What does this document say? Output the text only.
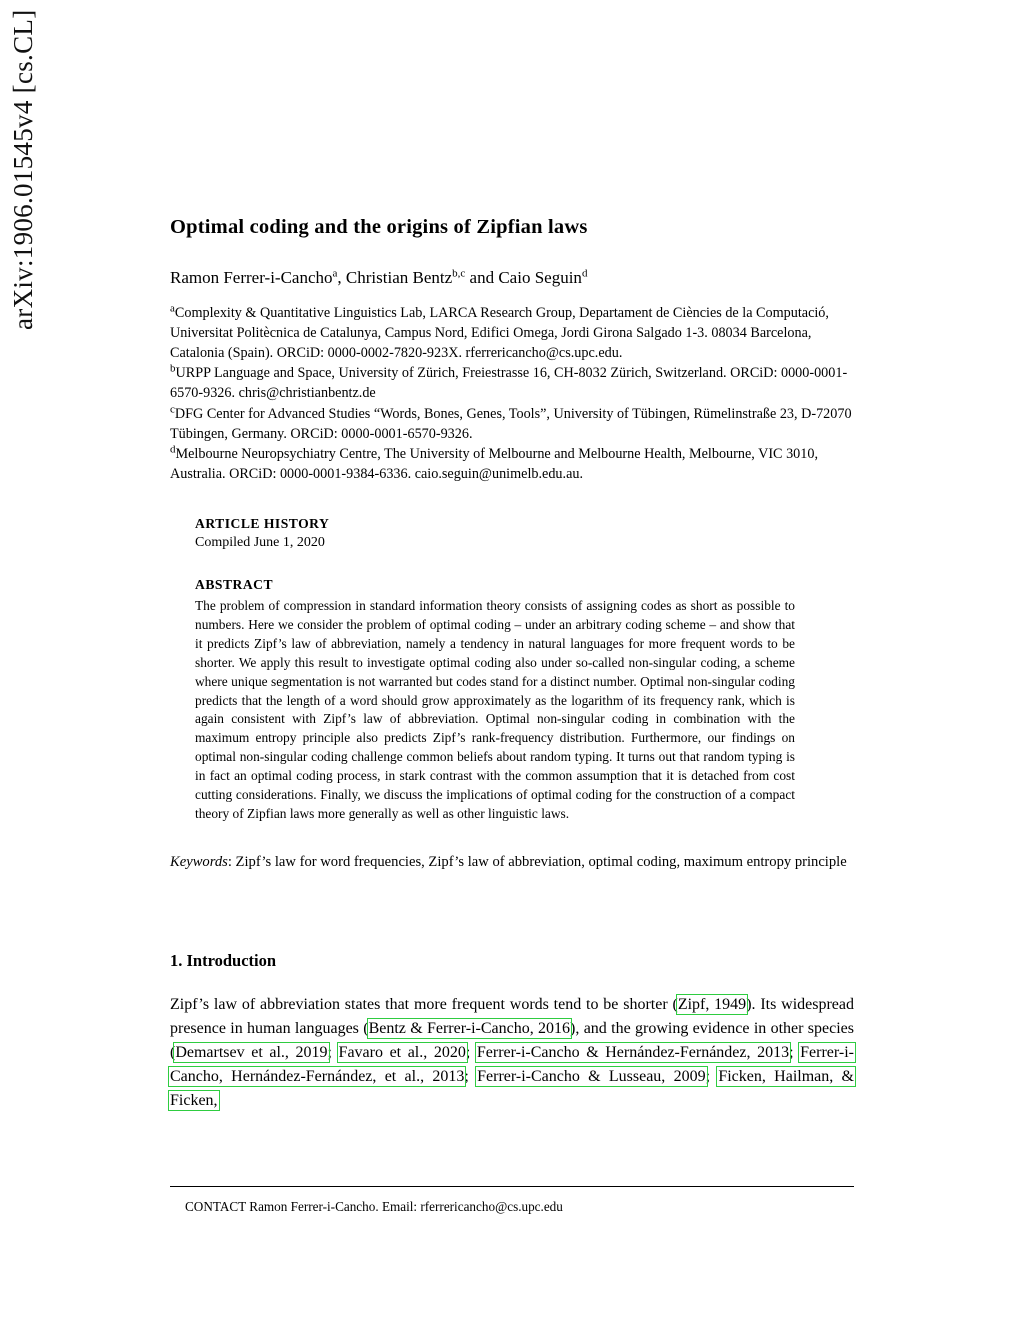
arXiv:1906.01545v4 [cs.CL]	Optimal coding and the origins of Zipfian laws

Ramon Ferrer-i-Cancho$^a$, Christian Bentz$^{b,c}$ and Caio Seguin$^d$

$^a$Complexity & Quantitative Linguistics Lab, LARCA Research Group, Departament de Ciències de la Computació, Universitat Politècnica de Catalunya, Campus Nord, Edifici Omega, Jordi Girona Salgado 1-3. 08034 Barcelona, Catalonia (Spain). ORCiD: 0000-0002-7820-923X. rferrericancho@cs.upc.edu.

$^b$URPP Language and Space, University of Zürich, Freiestrasse 16, CH-8032 Zürich, Switzerland. ORCiD: 0000-0001-6570-9326. chris@christianbentz.de

$^c$DFG Center for Advanced Studies “Words, Bones, Genes, Tools”, University of Tübingen, Rümelinstraße 23, D-72070 Tübingen, Germany. ORCiD: 0000-0001-6570-9326.

$^d$Melbourne Neuropsychiatry Centre, The University of Melbourne and Melbourne Health, Melbourne, VIC 3010, Australia. ORCiD: 0000-0001-9384-6336. caio.seguin@unimelb.edu.au.

ARTICLE HISTORY

Compiled June 1, 2020

ABSTRACT

The problem of compression in standard information theory consists of assigning codes as short as possible to numbers. Here we consider the problem of optimal coding – under an arbitrary coding scheme – and show that it predicts Zipf’s law of abbreviation, namely a tendency in natural languages for more frequent words to be shorter. We apply this result to investigate optimal coding also under so-called non-singular coding, a scheme where unique segmentation is not warranted but codes stand for a distinct number. Optimal non-singular coding predicts that the length of a word should grow approximately as the logarithm of its frequency rank, which is again consistent with Zipf’s law of abbreviation. Optimal non-singular coding in combination with the maximum entropy principle also predicts Zipf’s rank-frequency distribution. Furthermore, our findings on optimal non-singular coding challenge common beliefs about random typing. It turns out that random typing is in fact an optimal coding process, in stark contrast with the common assumption that it is detached from cost cutting considerations. Finally, we discuss the implications of optimal coding for the construction of a compact theory of Zipfian laws more generally as well as other linguistic laws.

Keywords: Zipf’s law for word frequencies, Zipf’s law of abbreviation, optimal coding, maximum entropy principle

1. Introduction

Zipf’s law of abbreviation states that more frequent words tend to be shorter (Zipf, 1949). Its widespread presence in human languages (Bentz & Ferrer-i-Cancho, 2016), and the growing evidence in other species (Demartsev et al., 2019; Favaro et al., 2020; Ferrer-i-Cancho & Hernández-Fernández, 2013; Ferrer-i-Cancho, Hernández-Fernández, et al., 2013; Ferrer-i-Cancho & Lusseau, 2009; Ficken, Hailman, & Ficken,

CONTACT Ramon Ferrer-i-Cancho. Email: rferrericancho@cs.upc.edu
